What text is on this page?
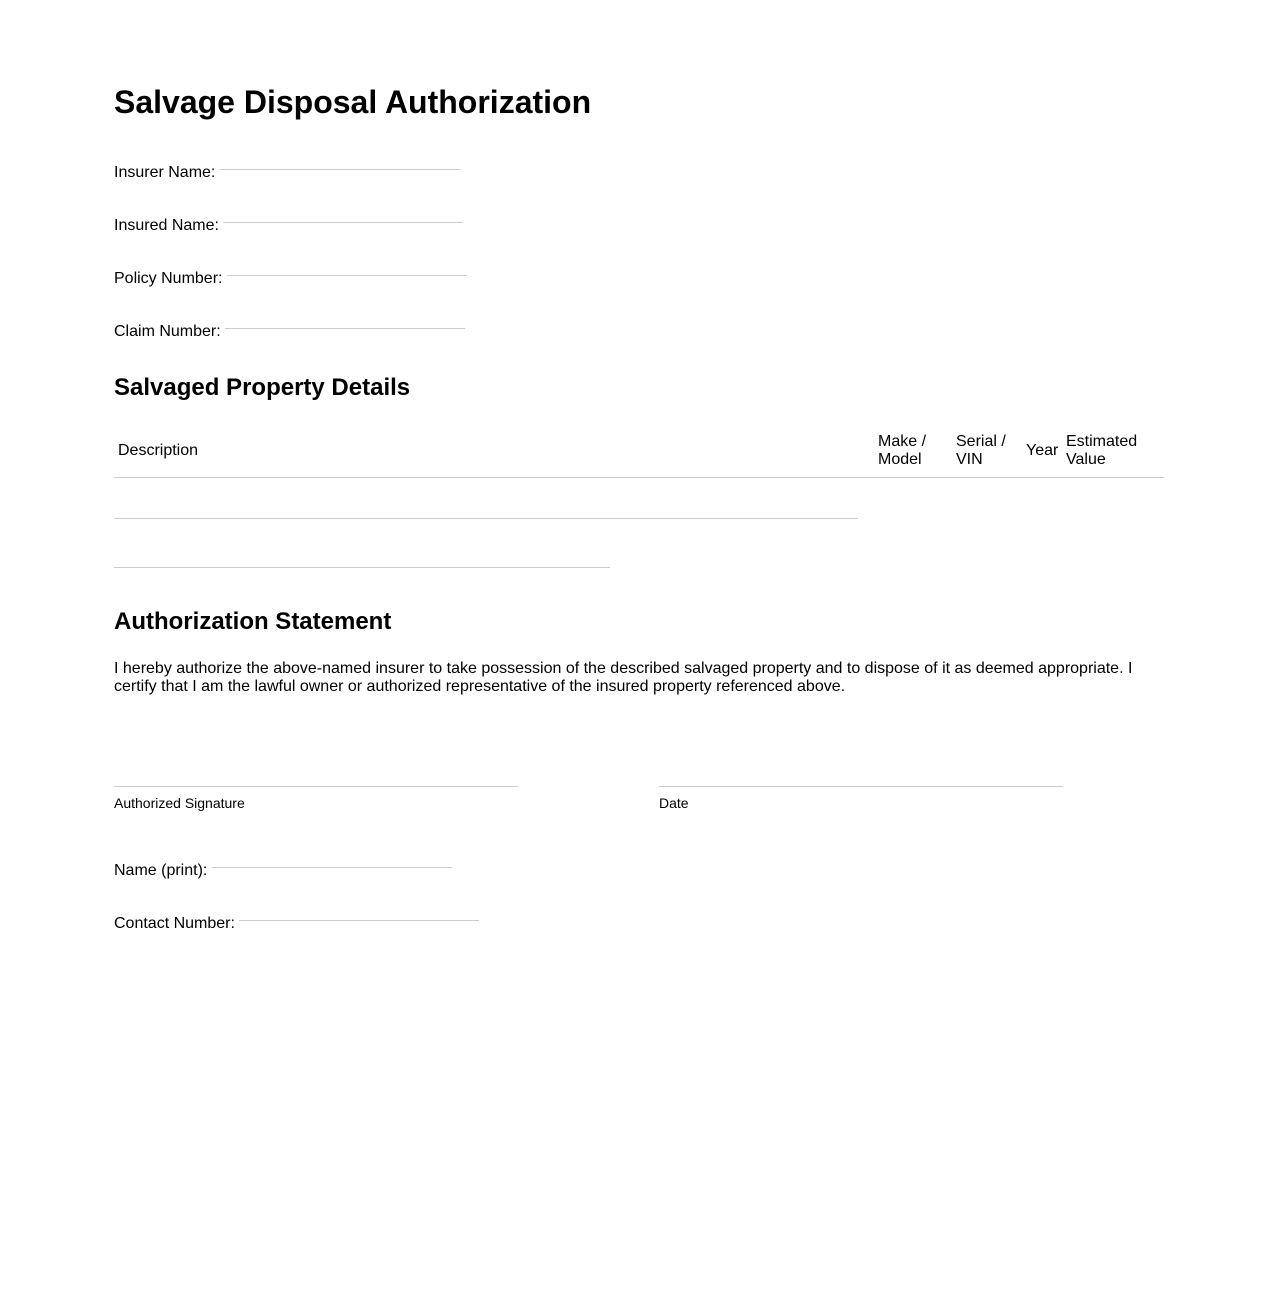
Salvage Disposal Authorization
Insurer Name:
Insured Name:
Policy Number:
Claim Number:
Salvaged Property Details
Description
Make /
Model
Serial /
VIN
Year
Estimated
Value
Authorization Statement
I hereby authorize the above-named insurer to take possession of the described salvaged property and to dispose of it as deemed appropriate. I certify that I am the lawful owner or authorized representative of the insured property referenced above.
Authorized Signature	Date
Name (print):
Contact Number:
